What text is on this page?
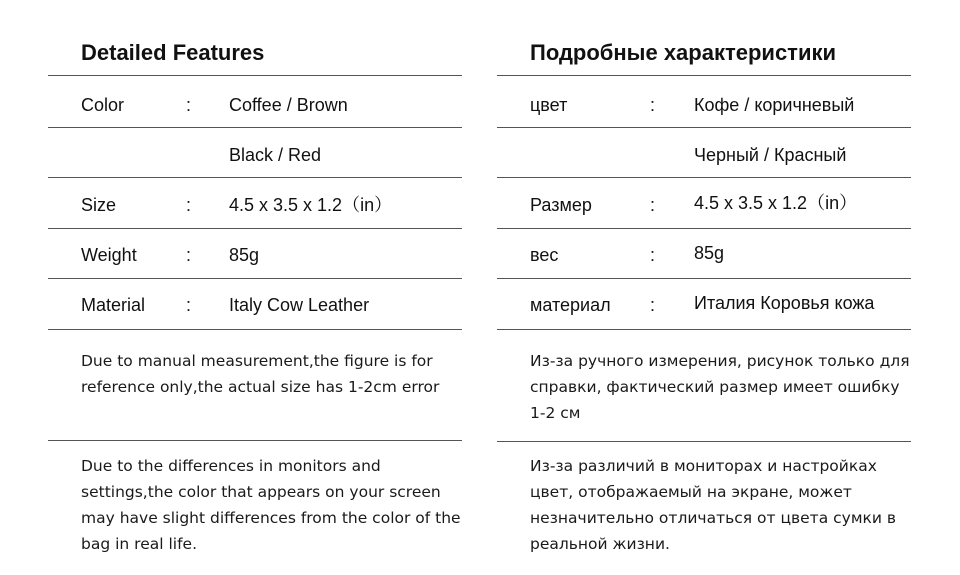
Detailed Features
Color	: Coffee / Brown
Black / Red
Size	: 4.5 x 3.5 x 1.2（in）
Weight	: 85g
Material : Italy Cow Leather

Due to manual measurement,the figure is for reference only,the actual size has 1-2cm error

Due to the differences in monitors and settings,the color that appears on your screen may have slight differences from the color of the bag in real life.

Подробные характеристики
цвет	: Кофе / коричневый
Черный / Красный
Размер	: 4.5 x 3.5 x 1.2（in）
вес	: 85g
материал : Италия Коровья кожа

Из-за ручного измерения, рисунок только для справки, фактический размер имеет ошибку 1-2 см

Из-за различий в мониторах и настройках цвет, отображаемый на экране, может незначительно отличаться от цвета сумки в реальной жизни.
